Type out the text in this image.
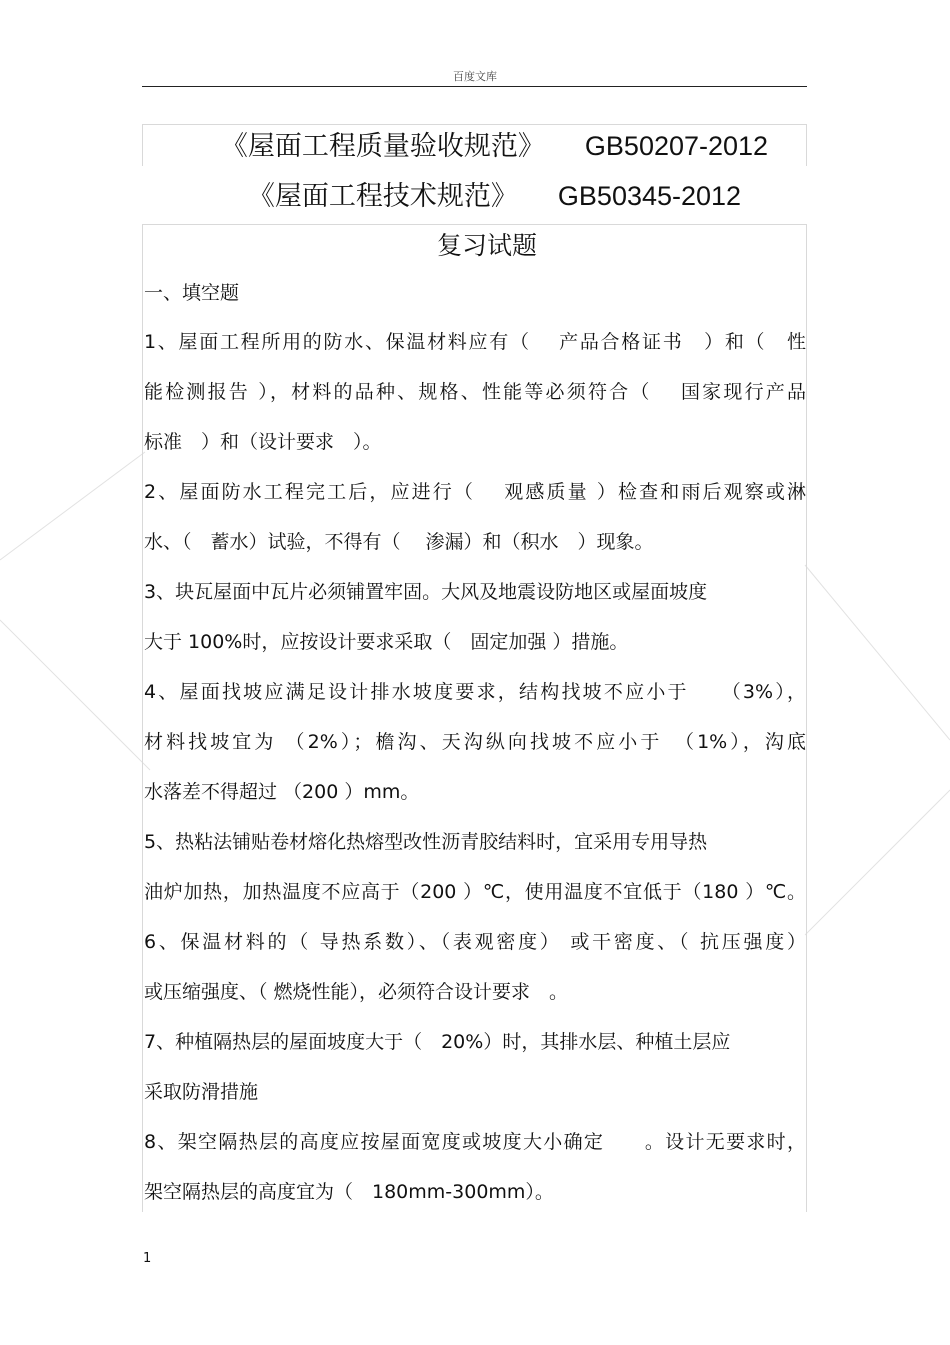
百度文库
《屋面工程质量验收规范》 GB50207-2012
《屋面工程技术规范》 GB50345-2012
复习试题
一、填空题
1、屋面工程所用的防水、保温材料应有（　 产品合格证书　）和（　性
能检测报告 ），材料的品种、规格、性能等必须符合（　 国家现行产品
标准　）和（设计要求　）。
2、屋面防水工程完工后，应进行（　 观感质量 ）检查和雨后观察或淋
水、（　蓄水）试验，不得有（　 渗漏）和（积水　）现象。
3、块瓦屋面中瓦片必须铺置牢固。大风及地震设防地区或屋面坡度
大于 100%时，应按设计要求采取（　固定加强 ）措施。
4、屋面找坡应满足设计排水坡度要求，结构找坡不应小于　　（3%），
材料找坡宜为 （2%）；檐沟、天沟纵向找坡不应小于　（1%），沟底
水落差不得超过 （200 ）mm。
5、热粘法铺贴卷材熔化热熔型改性沥青胶结料时，宜采用专用导热
油炉加热，加热温度不应高于（200 ）℃，使用温度不宜低于（180 ）℃。
6、保温材料的（ 导热系数）、（表观密度） 或干密度、（ 抗压强度）
或压缩强度、（ 燃烧性能），必须符合设计要求　。
7、种植隔热层的屋面坡度大于（　20%）时，其排水层、种植土层应
采取防滑措施
8、架空隔热层的高度应按屋面宽度或坡度大小确定　　。设计无要求时，
架空隔热层的高度宜为（　180mm-300mm）。
1
